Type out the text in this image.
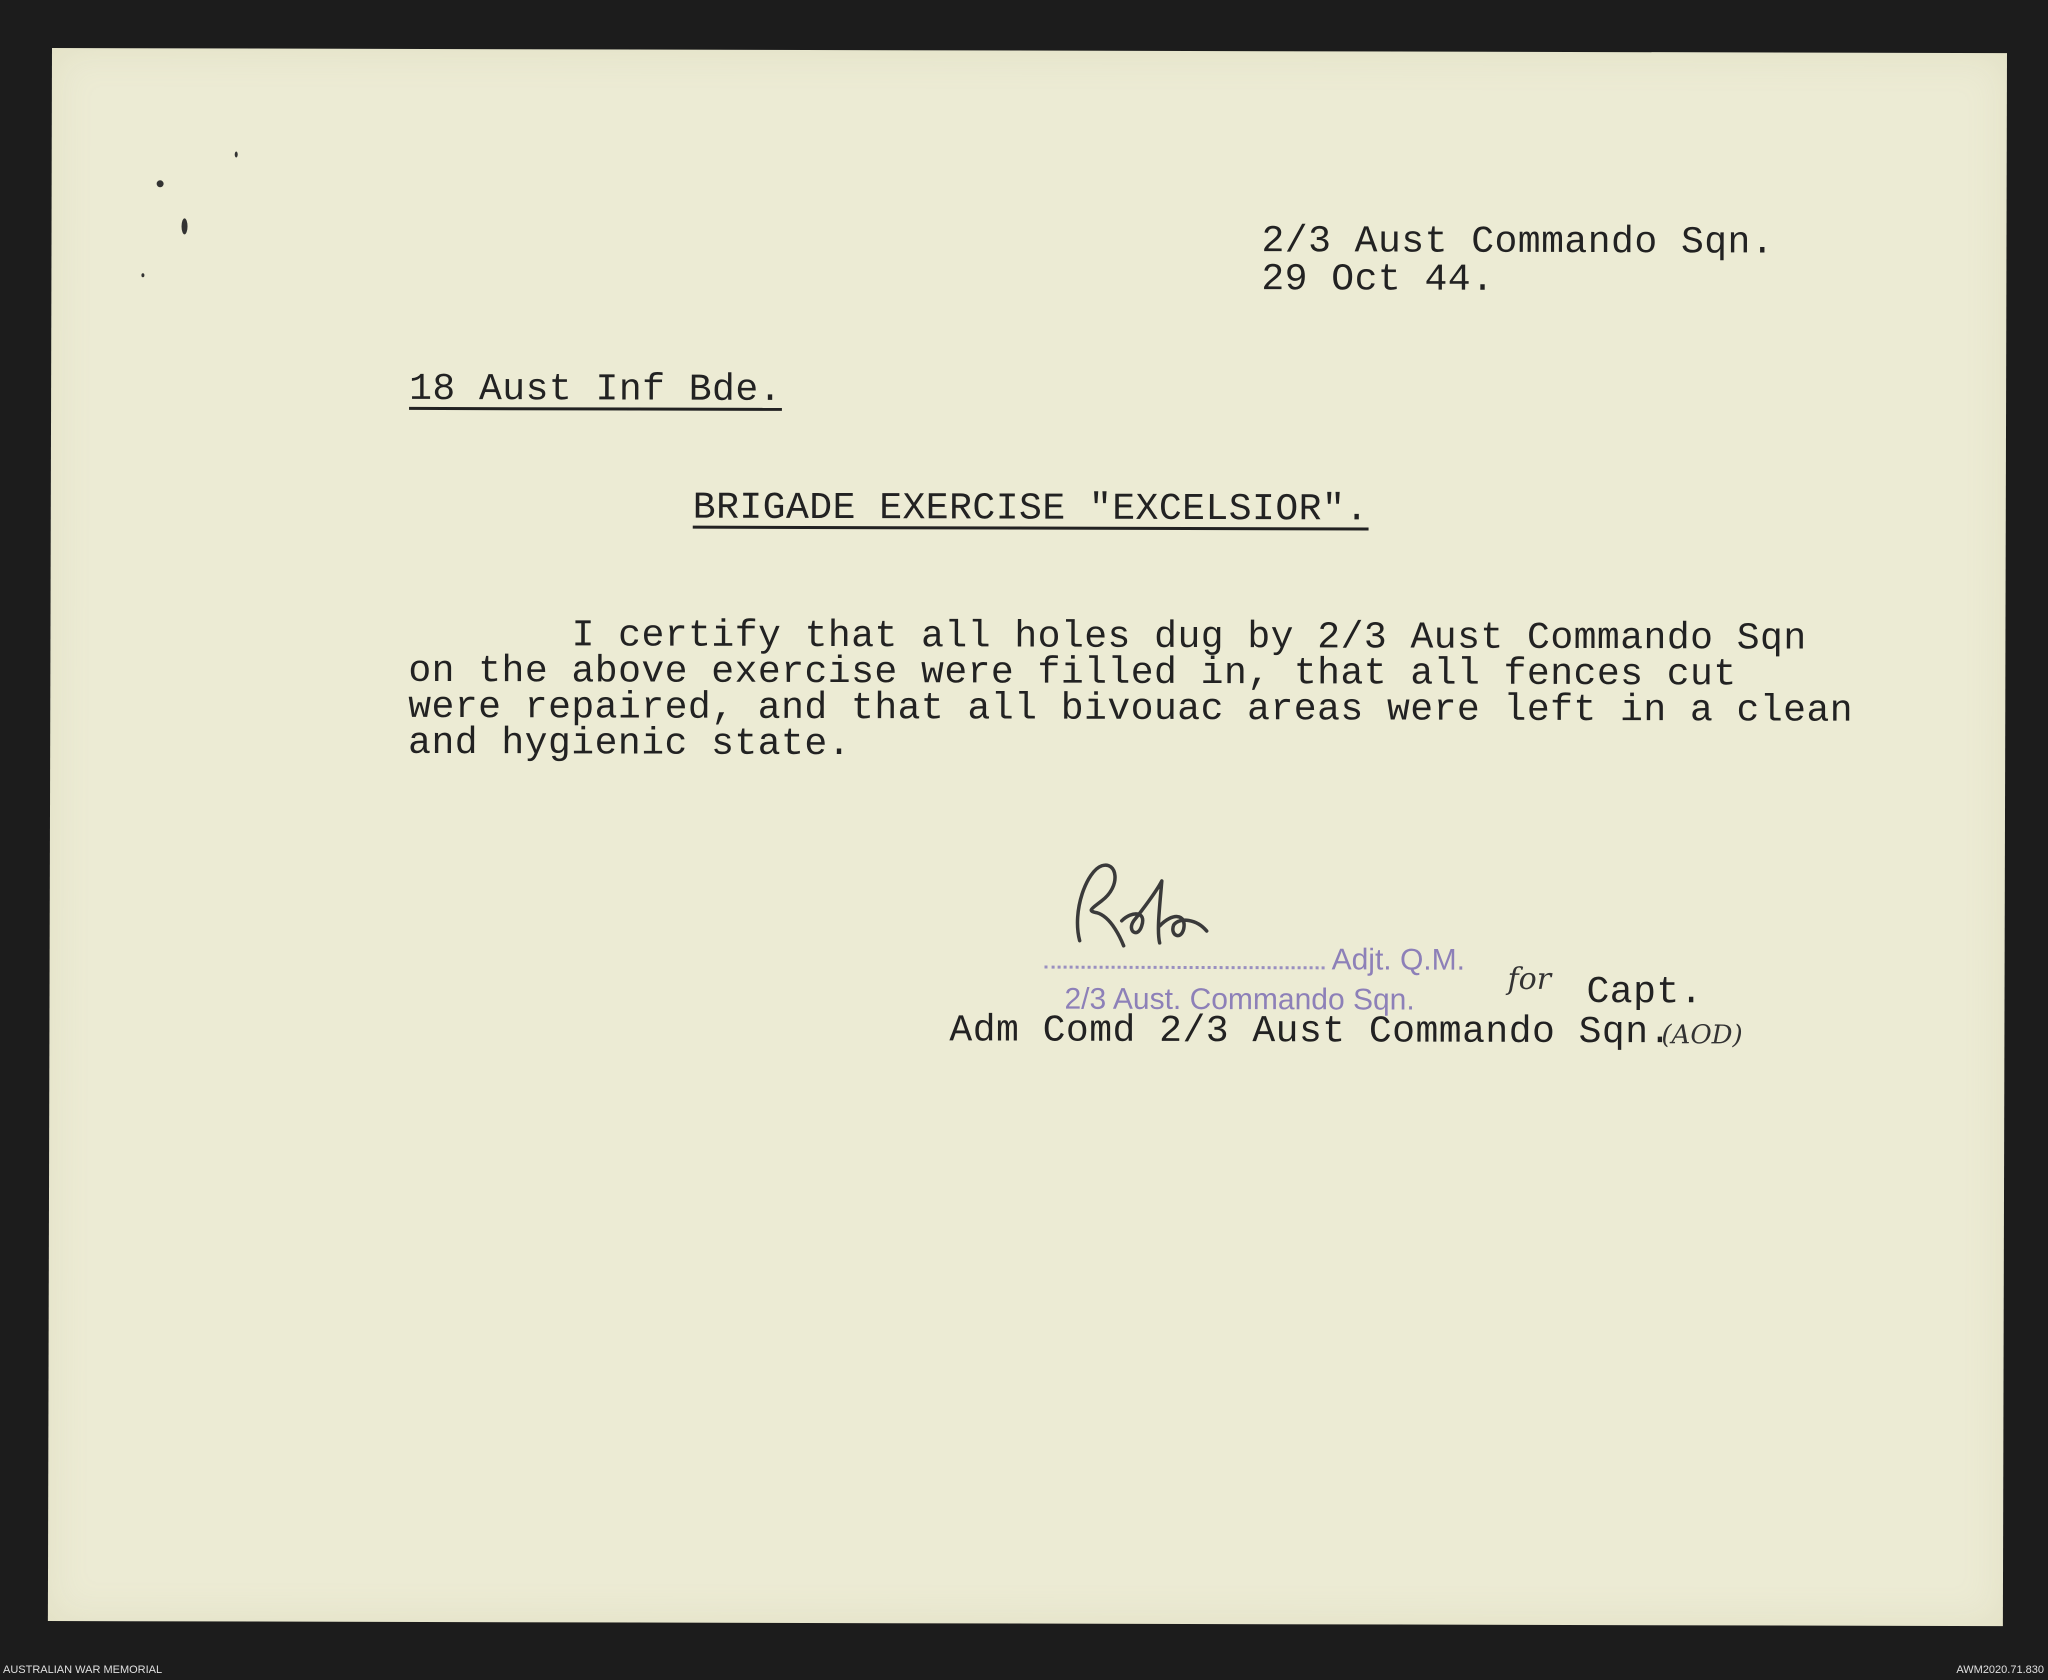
2/3 Aust Commando Sqn.
29 Oct 44.
18 Aust Inf Bde.
BRIGADE EXERCISE "EXCELSIOR".
I certify that all holes dug by 2/3 Aust Commando Sqn
on the above exercise were filled in, that all fences cut
were repaired, and that all bivouac areas were left in a clean
and hygienic state.
Adjt. Q.M.
2/3 Aust. Commando Sqn.
for Capt.
Adm Comd 2/3 Aust Commando Sqn.
(AOD)
AUSTRALIAN WAR MEMORIAL	AWM2020.71.830
